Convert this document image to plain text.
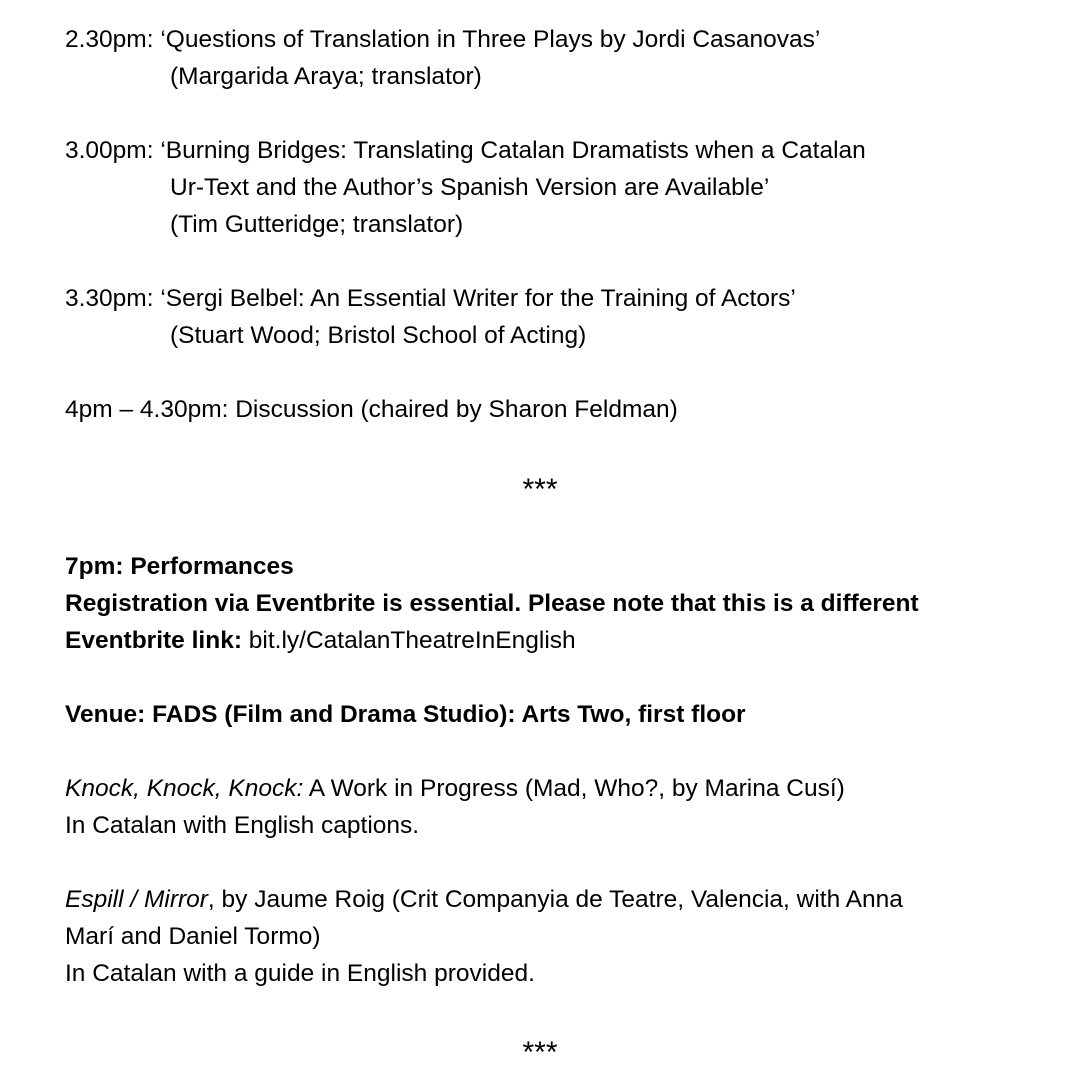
2.30pm: ‘Questions of Translation in Three Plays by Jordi Casanovas’
(Margarida Araya; translator)
3.00pm: ‘Burning Bridges: Translating Catalan Dramatists when a Catalan
Ur-Text and the Author’s Spanish Version are Available’
(Tim Gutteridge; translator)
3.30pm: ‘Sergi Belbel: An Essential Writer for the Training of Actors’
(Stuart Wood; Bristol School of Acting)
4pm – 4.30pm: Discussion (chaired by Sharon Feldman)
***
7pm: Performances
Registration via Eventbrite is essential. Please note that this is a different
Eventbrite link: bit.ly/CatalanTheatreInEnglish
Venue: FADS (Film and Drama Studio): Arts Two, first floor
Knock, Knock, Knock: A Work in Progress (Mad, Who?, by Marina Cusí)
In Catalan with English captions.
Espill / Mirror, by Jaume Roig (Crit Companyia de Teatre, Valencia, with Anna
Marí and Daniel Tormo)
In Catalan with a guide in English provided.
***
